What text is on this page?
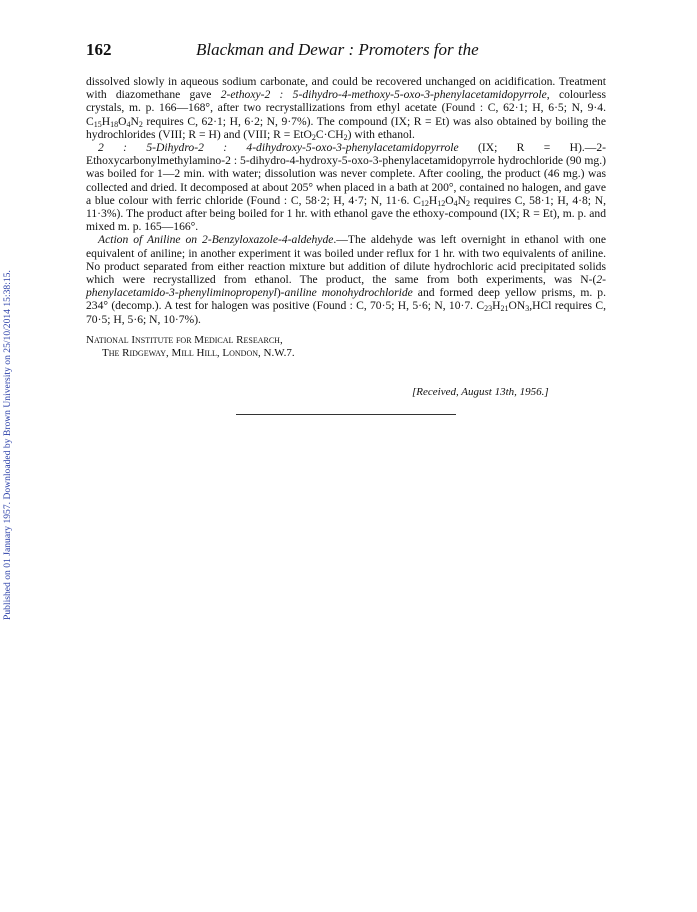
Published on 01 January 1957. Downloaded by Brown University on 25/10/2014 15:38:15.
162	Blackman and Dewar : Promoters for the

dissolved slowly in aqueous sodium carbonate, and could be recovered unchanged on acidification. Treatment with diazomethane gave 2-ethoxy-2 : 5-dihydro-4-methoxy-5-oxo-3-phenylacetamidopyrrole, colourless crystals, m. p. 166—168°, after two recrystallizations from ethyl acetate (Found : C, 62·1; H, 6·5; N, 9·4. $C_{15}H_{18}O_4N_2$ requires C, 62·1; H, 6·2; N, 9·7%). The compound (IX; R = Et) was also obtained by boiling the hydrochlorides (VIII; R = H) and (VIII; $R = EtO_2C\cdot CH_2$) with ethanol.

2 : 5-Dihydro-2 : 4-dihydroxy-5-oxo-3-phenylacetamidopyrrole (IX; R = H).—2-Ethoxycarbonylmethylamino-2 : 5-dihydro-4-hydroxy-5-oxo-3-phenylacetamidopyrrole hydrochloride (90 mg.) was boiled for 1—2 min. with water; dissolution was never complete. After cooling, the product (46 mg.) was collected and dried. It decomposed at about 205° when placed in a bath at 200°, contained no halogen, and gave a blue colour with ferric chloride (Found : C, 58·2; H, 4·7; N, 11·6. $C_{12}H_{12}O_4N_2$ requires C, 58·1; H, 4·8; N, 11·3%). The product after being boiled for 1 hr. with ethanol gave the ethoxy-compound (IX; R = Et), m. p. and mixed m. p. 165—166°.

Action of Aniline on 2-Benzyloxazole-4-aldehyde.—The aldehyde was left overnight in ethanol with one equivalent of aniline; in another experiment it was boiled under reflux for 1 hr. with two equivalents of aniline. No product separated from either reaction mixture but addition of dilute hydrochloric acid precipitated solids which were recrystallized from ethanol. The product, the same from both experiments, was N-(2-phenylacetamido-3-phenyliminopropenyl)-aniline monohydrochloride and formed deep yellow prisms, m. p. 234° (decomp.). A test for halogen was positive (Found : C, 70·5; H, 5·6; N, 10·7. $C_{23}H_{21}ON_3,HCl$ requires C, 70·5; H, 5·6; N, 10·7%).

National Institute for Medical Research,
The Ridgeway, Mill Hill, London, N.W.7.

[Received, August 13th, 1956.]
